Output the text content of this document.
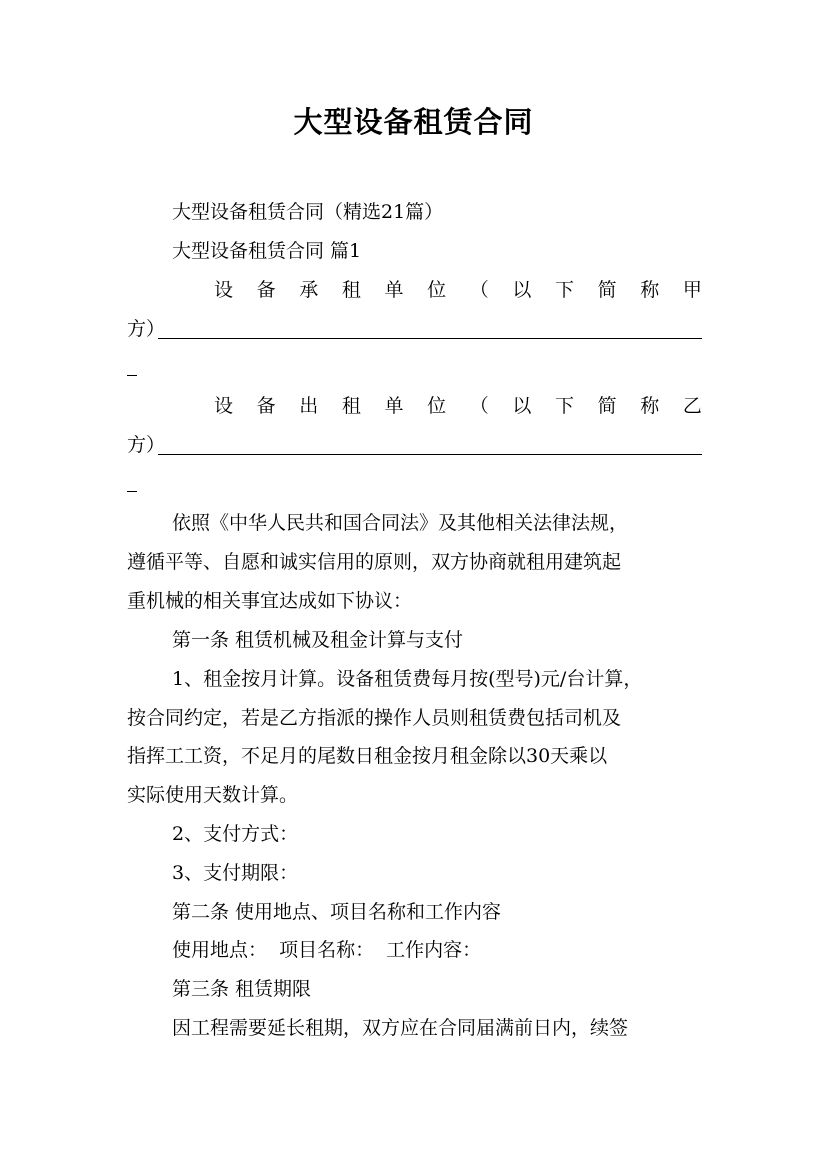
大型设备租赁合同
大型设备租赁合同（精选21篇）
大型设备租赁合同 篇1
设 备 承 租 单 位 （ 以 下 简 称 甲
方）
设 备 出 租 单 位 （ 以 下 简 称 乙
方）
依照《中华人民共和国合同法》及其他相关法律法规，
遵循平等、自愿和诚实信用的原则，双方协商就租用建筑起
重机械的相关事宜达成如下协议：
第一条 租赁机械及租金计算与支付
1、租金按月计算。设备租赁费每月按(型号)元/台计算，
按合同约定，若是乙方指派的操作人员则租赁费包括司机及
指挥工工资，不足月的尾数日租金按月租金除以30天乘以
实际使用天数计算。
2、支付方式：
3、支付期限：
第二条 使用地点、项目名称和工作内容
使用地点：  项目名称：  工作内容：
第三条 租赁期限
因工程需要延长租期，双方应在合同届满前日内，续签
